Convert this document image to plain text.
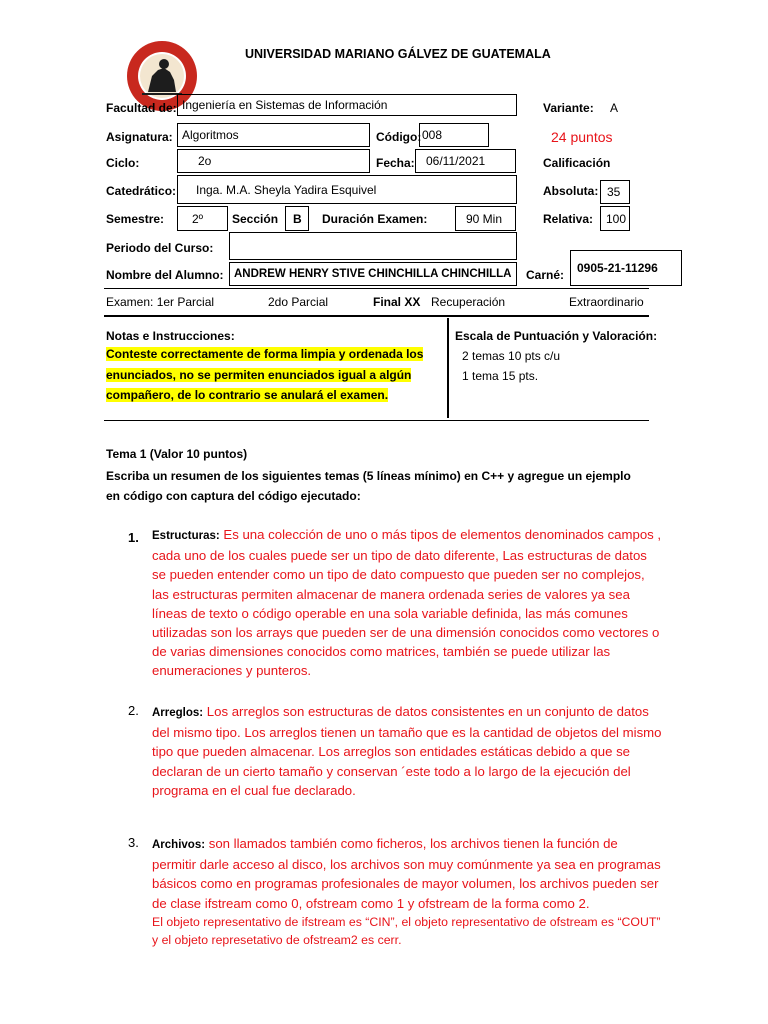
UNIVERSIDAD MARIANO GÁLVEZ DE GUATEMALA
Facultad de: Ingeniería en Sistemas de Información	Variante: A
Asignatura: Algoritmos	Código: 008	24 puntos
Ciclo:	2o	Fecha: 06/11/2021	Calificación
Catedrático:	Inga. M.A. Sheyla Yadira Esquivel	Absoluta: 35
Semestre:	2º	Sección	B	Duración Examen:	90 Min	Relativa:	100
Periodo del Curso:
Nombre del Alumno: ANDREW HENRY STIVE CHINCHILLA CHINCHILLA	Carné:	0905-21-11296
Examen: 1er Parcial	2do Parcial	Final XX Recuperación	Extraordinario
Notas e Instrucciones:
Conteste correctamente de forma limpia y ordenada los enunciados, no se permiten enunciados igual a algún compañero, de lo contrario se anulará el examen.
Escala de Puntuación y Valoración:
2 temas 10 pts c/u
1 tema 15 pts.
Tema 1 (Valor 10 puntos)
Escriba un resumen de los siguientes temas (5 líneas mínimo) en C++ y agregue un ejemplo en código con captura del código ejecutado:
1. Estructuras: Es una colección de uno o más tipos de elementos denominados campos , cada uno de los cuales puede ser un tipo de dato diferente, Las estructuras de datos se pueden entender como un tipo de dato compuesto que pueden ser no complejos, las estructuras permiten almacenar de manera ordenada series de valores ya sea líneas de texto o código operable en una sola variable definida, las más comunes utilizadas son los arrays que pueden ser de una dimensión conocidos como vectores o de varias dimensiones conocidos como matrices, también se puede utilizar las enumeraciones y punteros.
2. Arreglos: Los arreglos son estructuras de datos consistentes en un conjunto de datos del mismo tipo. Los arreglos tienen un tamaño que es la cantidad de objetos del mismo tipo que pueden almacenar. Los arreglos son entidades estáticas debido a que se declaran de un cierto tamaño y conservan ´este todo a lo largo de la ejecución del programa en el cual fue declarado.
3. Archivos: son llamados también como ficheros, los archivos tienen la función de permitir darle acceso al disco, los archivos son muy comúnmente ya sea en programas básicos como en programas profesionales de mayor volumen, los archivos pueden ser de clase ifstream como 0, ofstream como 1 y ofstream de la forma como 2.
El objeto representativo de ifstream es “CIN”, el objeto representativo de ofstream es “COUT” y el objeto represetativo de ofstream2 es cerr.
